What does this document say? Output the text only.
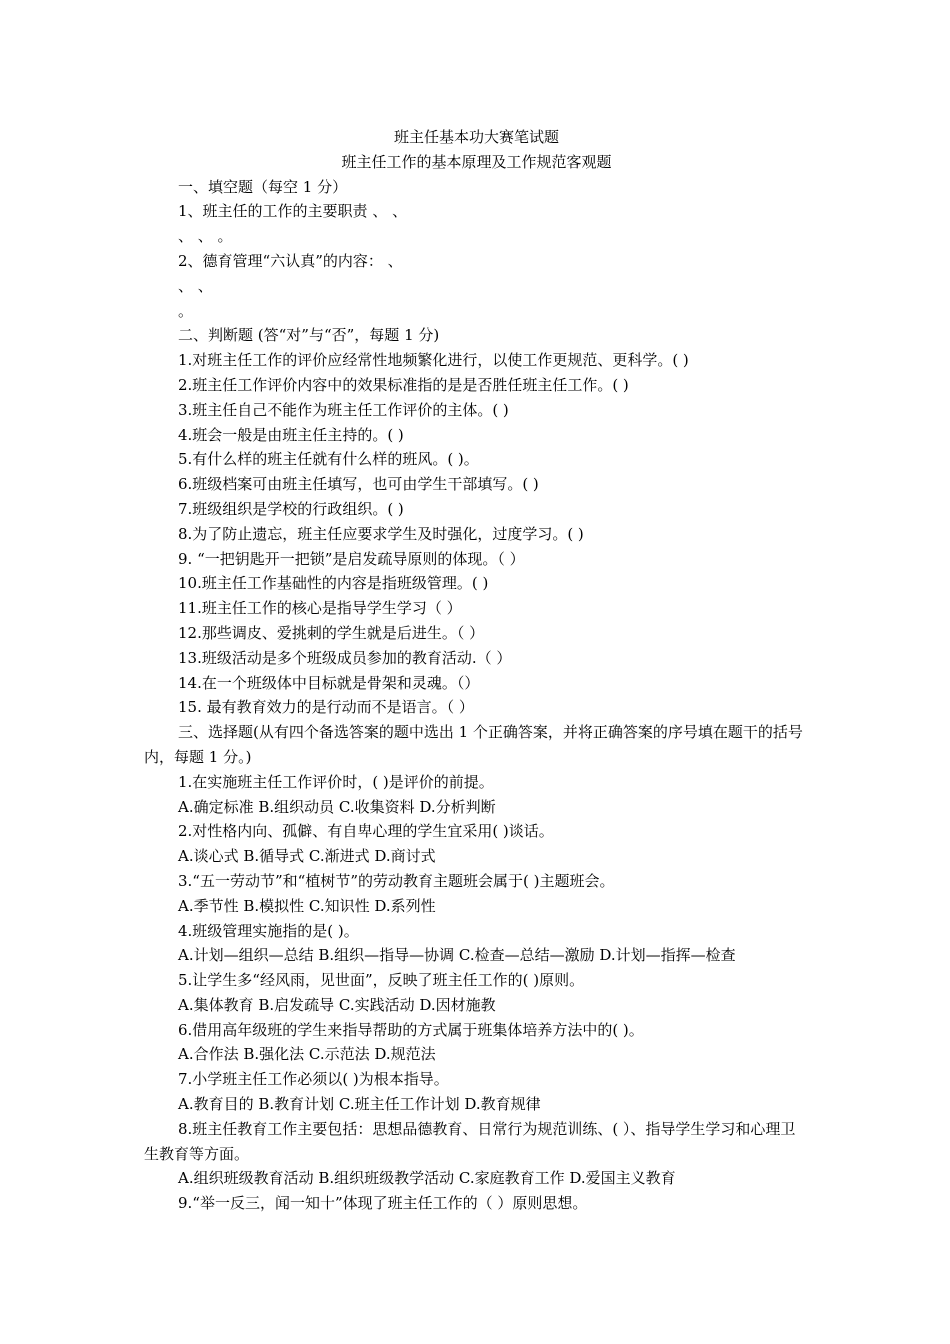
班主任基本功大赛笔试题
班主任工作的基本原理及工作规范客观题
一、填空题（每空 1 分）
1、班主任的工作的主要职责 、 、
、 、 。
2、德育管理“六认真”的内容： 、
、 、
。
二、判断题 (答“对”与“否”，每题 1 分)
1.对班主任工作的评价应经常性地频繁化进行，以使工作更规范、更科学。( )
2.班主任工作评价内容中的效果标准指的是是否胜任班主任工作。( )
3.班主任自己不能作为班主任工作评价的主体。( )
4.班会一般是由班主任主持的。( )
5.有什么样的班主任就有什么样的班风。( )。
6.班级档案可由班主任填写，也可由学生干部填写。( )
7.班级组织是学校的行政组织。( )
8.为了防止遗忘，班主任应要求学生及时强化，过度学习。( )
9. “一把钥匙开一把锁”是启发疏导原则的体现。（ ）
10.班主任工作基础性的内容是指班级管理。( )
11.班主任工作的核心是指导学生学习（ ）
12.那些调皮、爱挑刺的学生就是后进生。（ ）
13.班级活动是多个班级成员参加的教育活动.（ ）
14.在一个班级体中目标就是骨架和灵魂。（）
15. 最有教育效力的是行动而不是语言。（ ）
三、选择题(从有四个备选答案的题中选出 1 个正确答案，并将正确答案的序号填在题干的括号内，每题 1 分。)
1.在实施班主任工作评价时，( )是评价的前提。
A.确定标准 B.组织动员 C.收集资料 D.分析判断
2.对性格内向、孤僻、有自卑心理的学生宜采用( )谈话。
A.谈心式 B.循导式 C.渐进式 D.商讨式
3.“五一劳动节”和“植树节”的劳动教育主题班会属于( )主题班会。
A.季节性 B.模拟性 C.知识性 D.系列性
4.班级管理实施指的是( )。
A.计划—组织—总结 B.组织—指导—协调 C.检查—总结—激励 D.计划—指挥—检查
5.让学生多“经风雨，见世面”，反映了班主任工作的( )原则。
A.集体教育 B.启发疏导 C.实践活动 D.因材施教
6.借用高年级班的学生来指导帮助的方式属于班集体培养方法中的( )。
A.合作法 B.强化法 C.示范法 D.规范法
7.小学班主任工作必须以( )为根本指导。
A.教育目的 B.教育计划 C.班主任工作计划 D.教育规律
8.班主任教育工作主要包括：思想品德教育、日常行为规范训练、( ）、指导学生学习和心理卫生教育等方面。
A.组织班级教育活动 B.组织班级教学活动 C.家庭教育工作 D.爱国主义教育
9.“举一反三，闻一知十”体现了班主任工作的（ ）原则思想。
